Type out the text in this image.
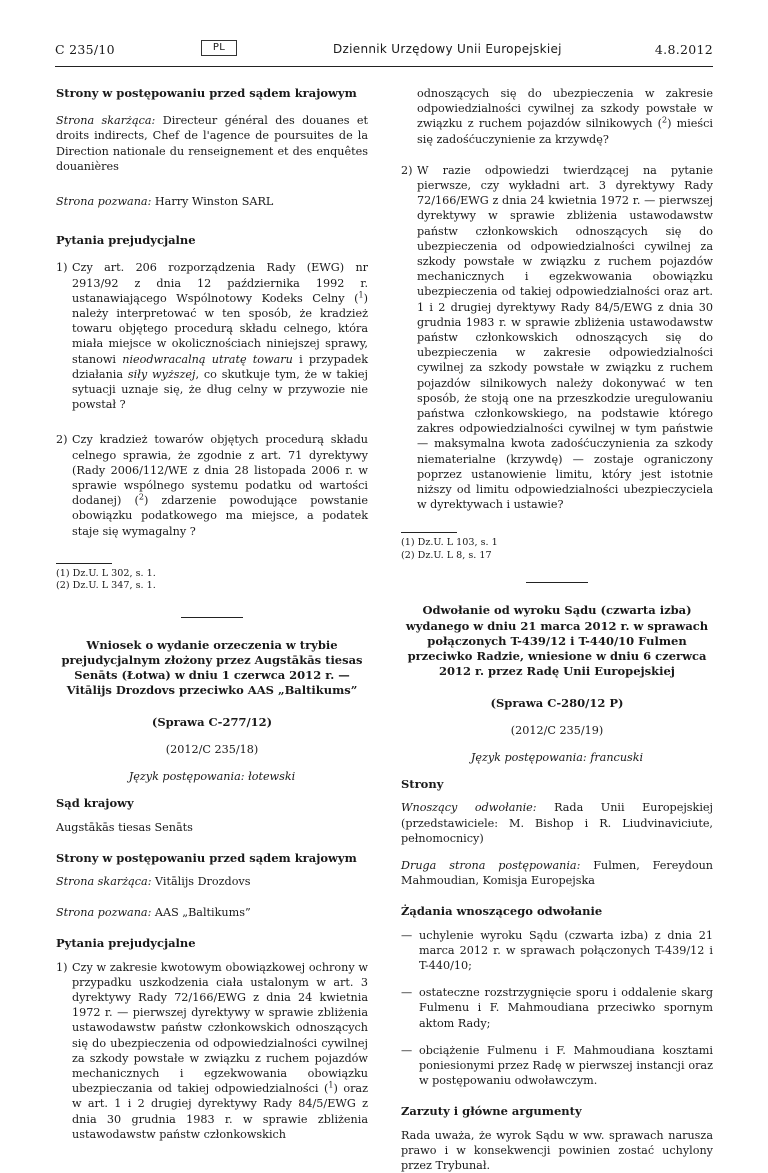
C 235/10	PL	Dziennik Urzędowy Unii Europejskiej	4.8.2012

Strony w postępowaniu przed sądem krajowym

Strona skarżąca: Directeur général des douanes et droits indirects, Chef de l'agence de poursuites de la Direction nationale du renseignement et des enquêtes douanières

Strona pozwana: Harry Winston SARL

Pytania prejudycjalne

1) Czy art. 206 rozporządzenia Rady (EWG) nr 2913/92 z dnia 12 października 1992 r. ustanawiającego Wspólnotowy Kodeks Celny ($^1$) należy interpretować w ten sposób, że kradzież towaru objętego procedurą składu celnego, która miała miejsce w okolicznościach niniejszej sprawy, stanowi nieodwracalną utratę towaru i przypadek działania siły wyższej, co skutkuje tym, że w takiej sytuacji uznaje się, że dług celny w przywozie nie powstał ?
2) Czy kradzież towarów objętych procedurą składu celnego sprawia, że zgodnie z art. 71 dyrektywy (Rady 2006/112/WE z dnia 28 listopada 2006 r. w sprawie wspólnego systemu podatku od wartości dodanej) ($^2$) zdarzenie powodujące powstanie obowiązku podatkowego ma miejsce, a podatek staje się wymagalny ?

(1) Dz.U. L 302, s. 1.

(2) Dz.U. L 347, s. 1.

Wniosek o wydanie orzeczenia w trybie prejudycjalnym złożony przez Augstākās tiesas Senāts (Łotwa) w dniu 1 czerwca 2012 r. — Vitālijs Drozdovs przeciwko AAS „Baltikums”

(Sprawa C-277/12)

(2012/C 235/18)

Język postępowania: łotewski

Sąd krajowy

Augstākās tiesas Senāts

Strony w postępowaniu przed sądem krajowym

Strona skarżąca: Vitālijs Drozdovs

Strona pozwana: AAS „Baltikums”

Pytania prejudycjalne

1) Czy w zakresie kwotowym obowiązkowej ochrony w przypadku uszkodzenia ciała ustalonym w art. 3 dyrektywy Rady 72/166/EWG z dnia 24 kwietnia 1972 r. — pierwszej dyrektywy w sprawie zbliżenia ustawodawstw państw członkowskich odnoszących się do ubezpieczenia od odpowiedzialności cywilnej za szkody powstałe w związku z ruchem pojazdów mechanicznych i egzekwowania obowiązku ubezpieczania od takiej odpowiedzialności ($^1$) oraz w art. 1 i 2 drugiej dyrektywy Rady 84/5/EWG z dnia 30 grudnia 1983 r. w sprawie zbliżenia ustawodawstw państw członkowskich
odnoszących się do ubezpieczenia w zakresie odpowiedzialności cywilnej za szkody powstałe w związku z ruchem pojazdów silnikowych ($^2$) mieści się zadośćuczynienie za krzywdę?
2) W razie odpowiedzi twierdzącej na pytanie pierwsze, czy wykładni art. 3 dyrektywy Rady 72/166/EWG z dnia 24 kwietnia 1972 r. — pierwszej dyrektywy w sprawie zbliżenia ustawodawstw państw członkowskich odnoszących się do ubezpieczenia od odpowiedzialności cywilnej za szkody powstałe w związku z ruchem pojazdów mechanicznych i egzekwowania obowiązku ubezpieczenia od takiej odpowiedzialności oraz art. 1 i 2 drugiej dyrektywy Rady 84/5/EWG z dnia 30 grudnia 1983 r. w sprawie zbliżenia ustawodawstw państw członkowskich odnoszących się do ubezpieczenia w zakresie odpowiedzialności cywilnej za szkody powstałe w związku z ruchem pojazdów silnikowych należy dokonywać w ten sposób, że stoją one na przeszkodzie uregulowaniu państwa członkowskiego, na podstawie którego zakres odpowiedzialności cywilnej w tym państwie — maksymalna kwota zadośćuczynienia za szkody niematerialne (krzywdę) — zostaje ograniczony poprzez ustanowienie limitu, który jest istotnie niższy od limitu odpowiedzialności ubezpieczyciela w dyrektywach i ustawie?

(1) Dz.U. L 103, s. 1

(2) Dz.U. L 8, s. 17

Odwołanie od wyroku Sądu (czwarta izba) wydanego w dniu 21 marca 2012 r. w sprawach połączonych T-439/12 i T-440/10 Fulmen przeciwko Radzie, wniesione w dniu 6 czerwca 2012 r. przez Radę Unii Europejskiej

(Sprawa C-280/12 P)

(2012/C 235/19)

Język postępowania: francuski

Strony

Wnoszący odwołanie: Rada Unii Europejskiej (przedstawiciele: M. Bishop i R. Liudvinaviciute, pełnomocnicy)

Druga strona postępowania: Fulmen, Fereydoun Mahmoudian, Komisja Europejska

Żądania wnoszącego odwołanie

— uchylenie wyroku Sądu (czwarta izba) z dnia 21 marca 2012 r. w sprawach połączonych T-439/12 i T-440/10;
— ostateczne rozstrzygnięcie sporu i oddalenie skarg Fulmenu i F. Mahmoudiana przeciwko spornym aktom Rady;
— obciążenie Fulmenu i F. Mahmoudiana kosztami poniesionymi przez Radę w pierwszej instancji oraz w postępowaniu odwoławczym.

Zarzuty i główne argumenty

Rada uważa, że wyrok Sądu w ww. sprawach narusza prawo i w konsekwencji powinien zostać uchylony przez Trybunał.
